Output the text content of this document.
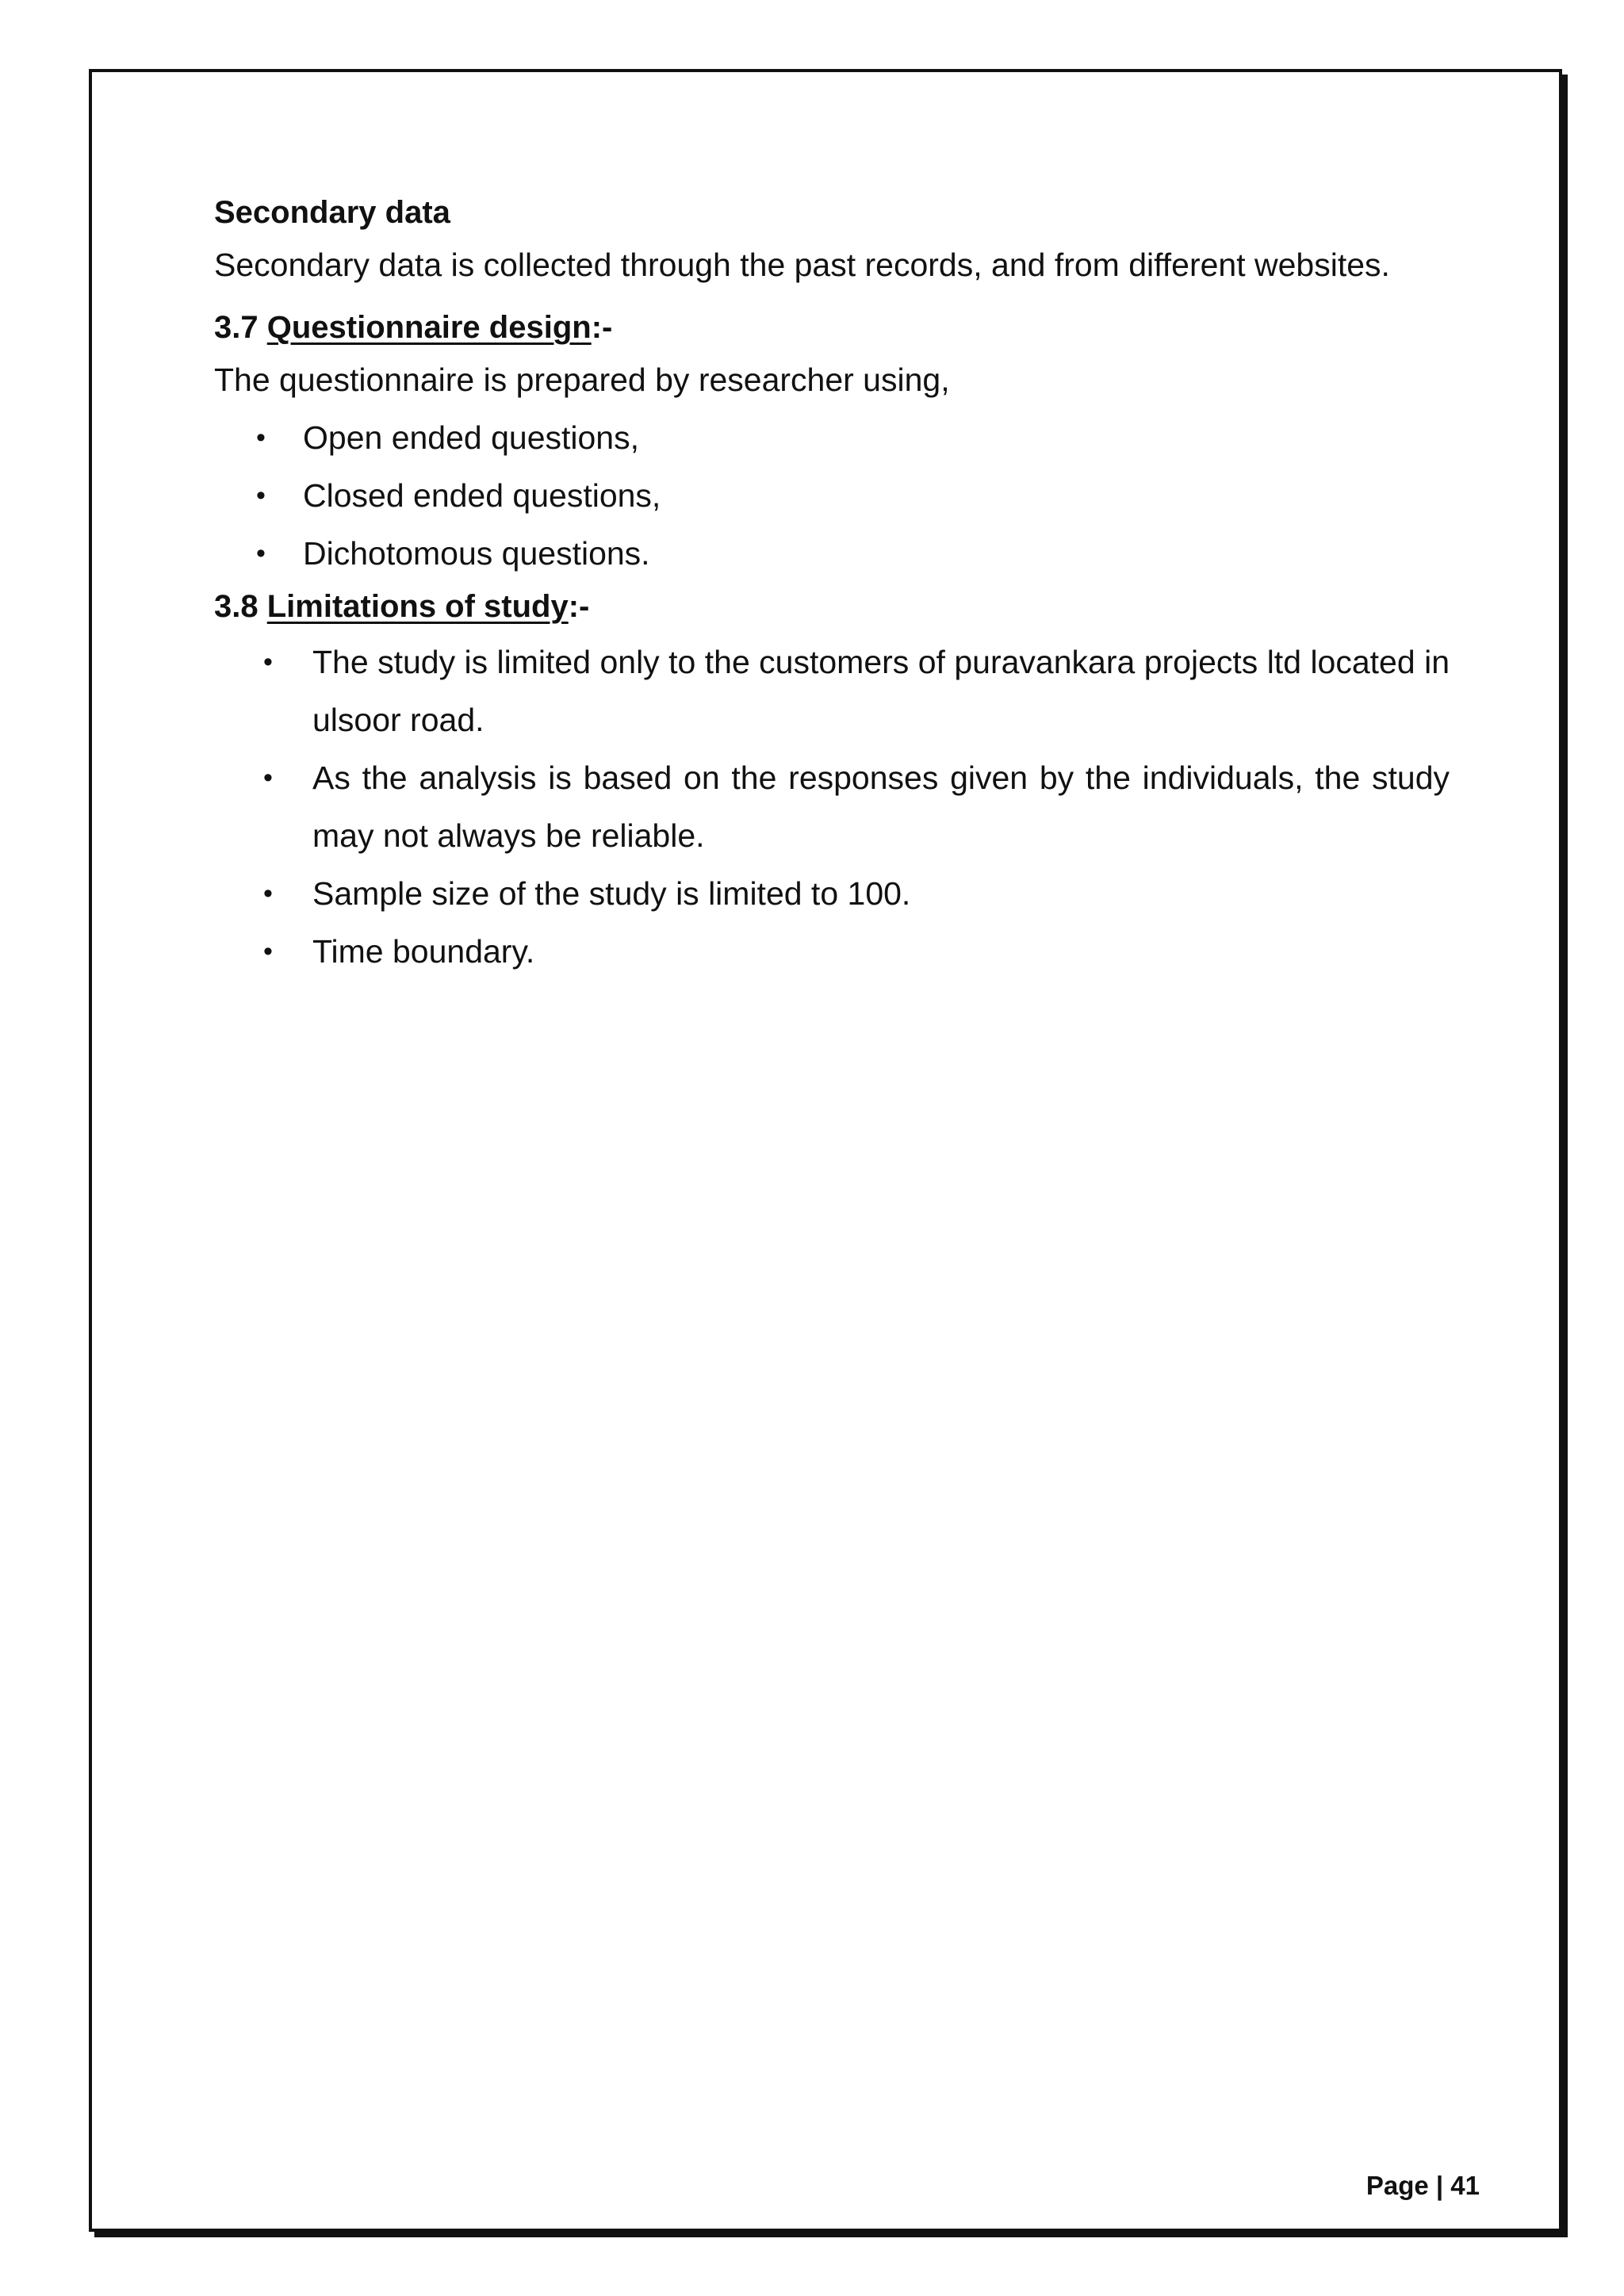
Secondary data

Secondary data is collected through the past records, and from different websites.

3.7 Questionnaire design:-

The questionnaire is prepared by researcher using,

• Open ended questions,
• Closed ended questions,
• Dichotomous questions.
3.8 Limitations of study:-
• The study is limited only to the customers of puravankara projects ltd located in ulsoor road.
• As the analysis is based on the responses given by the individuals, the study may not always be reliable.
• Sample size of the study is limited to 100.
• Time boundary.
Page | 41
